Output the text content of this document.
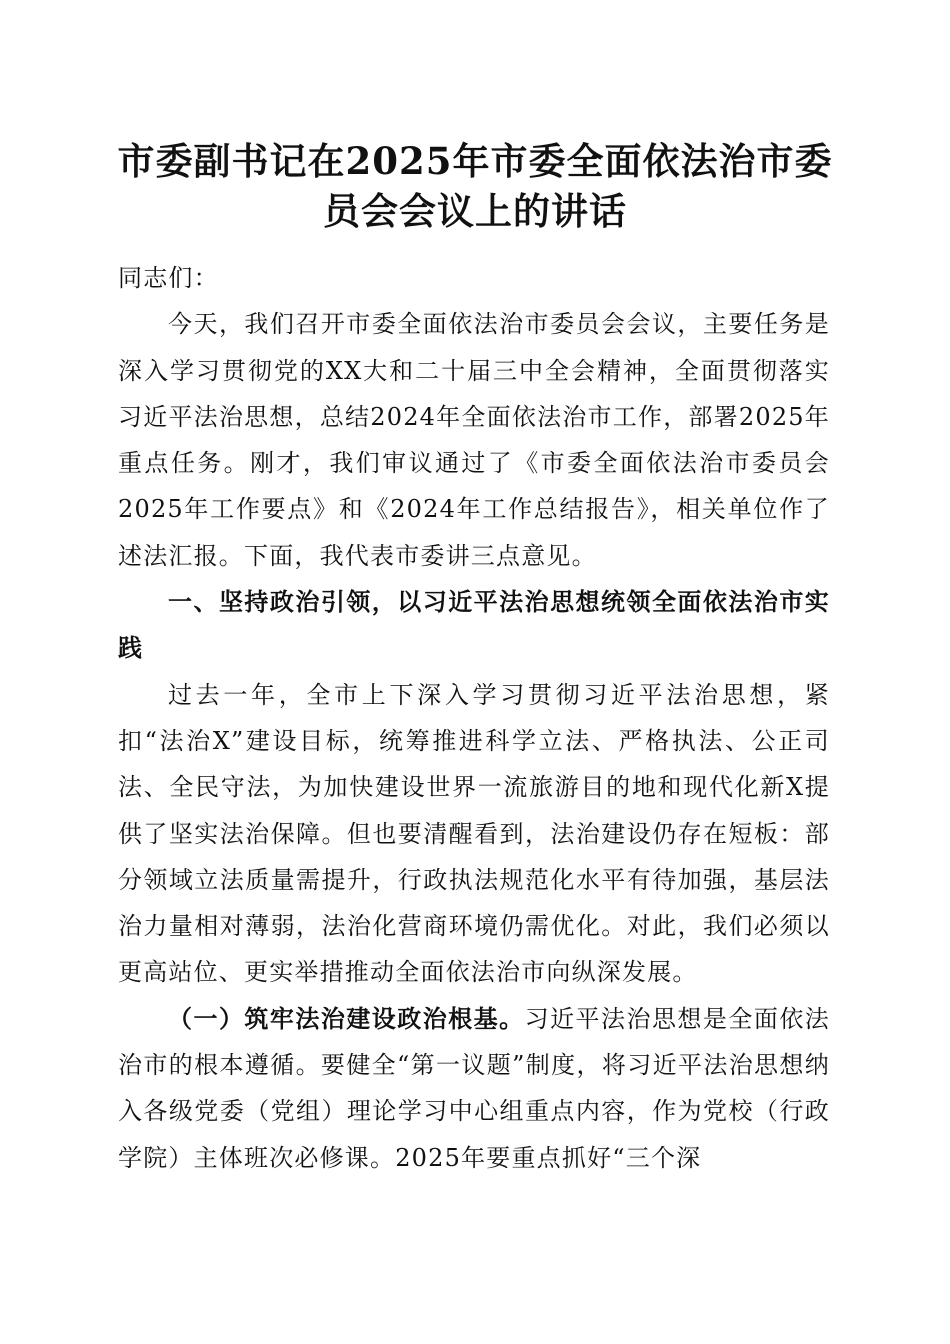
市委副书记在2025年市委全面依法治市委员会会议上的讲话

同志们：

今天，我们召开市委全面依法治市委员会会议，主要任务是深入学习贯彻党的XX大和二十届三中全会精神，全面贯彻落实习近平法治思想，总结2024年全面依法治市工作，部署2025年重点任务。刚才，我们审议通过了《市委全面依法治市委员会2025年工作要点》和《2024年工作总结报告》，相关单位作了述法汇报。下面，我代表市委讲三点意见。

一、坚持政治引领，以习近平法治思想统领全面依法治市实践

过去一年，全市上下深入学习贯彻习近平法治思想，紧扣“法治X”建设目标，统筹推进科学立法、严格执法、公正司法、全民守法，为加快建设世界一流旅游目的地和现代化新X提供了坚实法治保障。但也要清醒看到，法治建设仍存在短板：部分领域立法质量需提升，行政执法规范化水平有待加强，基层法治力量相对薄弱，法治化营商环境仍需优化。对此，我们必须以更高站位、更实举措推动全面依法治市向纵深发展。

（一）筑牢法治建设政治根基。习近平法治思想是全面依法治市的根本遵循。要健全“第一议题”制度，将习近平法治思想纳入各级党委（党组）理论学习中心组重点内容，作为党校（行政学院）主体班次必修课。2025年要重点抓好“三个深
